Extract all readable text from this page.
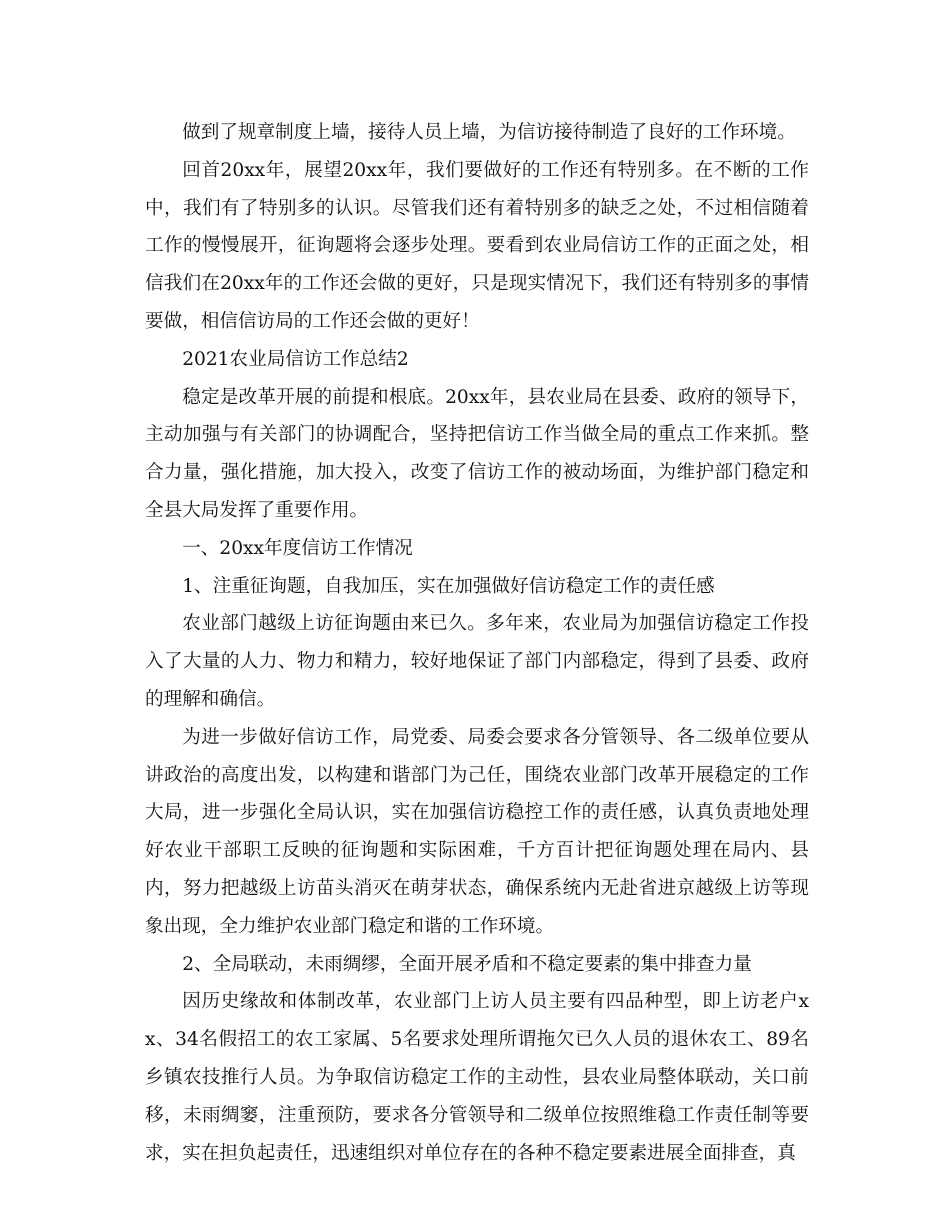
做到了规章制度上墙，接待人员上墙，为信访接待制造了良好的工作环境。

回首20xx年，展望20xx年，我们要做好的工作还有特别多。在不断的工作中，我们有了特别多的认识。尽管我们还有着特别多的缺乏之处，不过相信随着工作的慢慢展开，征询题将会逐步处理。要看到农业局信访工作的正面之处，相信我们在20xx年的工作还会做的更好，只是现实情况下，我们还有特别多的事情要做，相信信访局的工作还会做的更好！

2021农业局信访工作总结2

稳定是改革开展的前提和根底。20xx年，县农业局在县委、政府的领导下，主动加强与有关部门的协调配合，坚持把信访工作当做全局的重点工作来抓。整合力量，强化措施，加大投入，改变了信访工作的被动场面，为维护部门稳定和全县大局发挥了重要作用。

一、20xx年度信访工作情况

1、注重征询题，自我加压，实在加强做好信访稳定工作的责任感

农业部门越级上访征询题由来已久。多年来，农业局为加强信访稳定工作投入了大量的人力、物力和精力，较好地保证了部门内部稳定，得到了县委、政府的理解和确信。

为进一步做好信访工作，局党委、局委会要求各分管领导、各二级单位要从讲政治的高度出发，以构建和谐部门为己任，围绕农业部门改革开展稳定的工作大局，进一步强化全局认识，实在加强信访稳控工作的责任感，认真负责地处理好农业干部职工反映的征询题和实际困难，千方百计把征询题处理在局内、县内，努力把越级上访苗头消灭在萌芽状态，确保系统内无赴省进京越级上访等现象出现，全力维护农业部门稳定和谐的工作环境。

2、全局联动，未雨绸缪，全面开展矛盾和不稳定要素的集中排查力量

因历史缘故和体制改革，农业部门上访人员主要有四品种型，即上访老户xx、34名假招工的农工家属、5名要求处理所谓拖欠已久人员的退休农工、89名乡镇农技推行人员。为争取信访稳定工作的主动性，县农业局整体联动，关口前移，未雨绸窭，注重预防，要求各分管领导和二级单位按照维稳工作责任制等要求，实在担负起责任，迅速组织对单位存在的各种不稳定要素进展全面排查，真
